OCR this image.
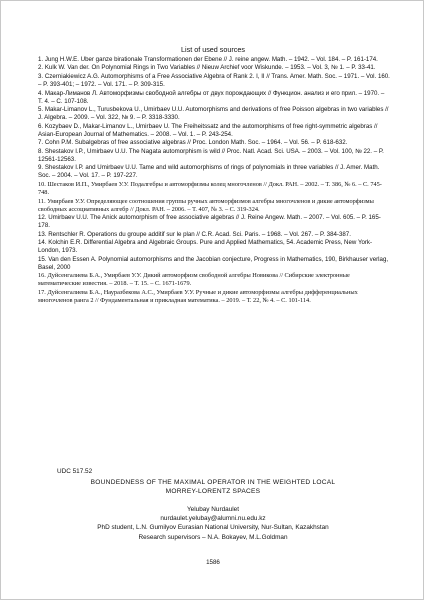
List of used sources
1. Jung H.W.E. Uber ganze birationale Transformationen der Ebene // J. reine angew. Math. – 1942. – Vol. 184. – P. 161-174.
2. Kulk W. Van der. On Polynomial Rings in Two Variables // Nieuw Archief voor Wiskunde. – 1953. – Vol. 3, № 1. – P. 33-41.
3. Czerniakiewicz A.G. Automorphisms of a Free Associative Algebra of Rank 2. I, II // Trans. Amer. Math. Soc. – 1971. – Vol. 160. – P. 393-401; – 1972. – Vol. 171. – P. 309-315.
4. Макар-Лиманов Л. Автоморфизмы свободной алгебры от двух порождающих // Функцион. анализ и его прил. – 1970. – Т. 4. – С. 107-108.
5. Makar-Limanov L., Turusbekova U., Umirbaev U.U. Automorphisms and derivations of free Poisson algebras in two variables // J. Algebra. – 2009. – Vol. 322, № 9. – P. 3318-3330.
6. Kozybaev D., Makar-Limanov L., Umirbaev U. The Freiheitssatz and the automorphisms of free right-symmetric algebras // Asian-European Journal of Mathematics. – 2008. – Vol. 1. – P. 243-254.
7. Cohn P.M. Subalgebras of free associative algebras // Proc. London Math. Soc. – 1964. – Vol. 56. – P. 618-632.
8. Shestakov I.P., Umirbaev U.U. The Nagata automorphism is wild // Proc. Natl. Acad. Sci. USA. – 2003. – Vol. 100, № 22. – P. 12561-12563.
9. Shestakov I.P. and Umirbaev U.U. Tame and wild automorphisms of rings of polynomials in three variables // J. Amer. Math. Soc. – 2004. – Vol. 17. – P. 197-227.
10. Шестаков И.П., Умирбаев У.У. Подалгебры и автоморфизмы колец многочленов // Докл. РАН. – 2002. – Т. 386, № 6. – С. 745-748.
11. Умирбаев У.У. Определяющее соотношения группы ручных автоморфизмов алгебры многочленов и дикие автоморфизмы свободных ассоциативных алгебр // Докл. РАН. – 2006. – Т. 407, № 3. – С. 319-324.
12. Umirbaev U.U. The Anick automorphism of free associative algebras // J. Reine Angew. Math. – 2007. – Vol. 605. – P. 165-178.
13. Rentschler R. Operations du groupe additif sur le plan // C.R. Acad. Sci. Paris. – 1968. – Vol. 267. – P. 384-387.
14. Kolchin E.R. Differential Algebra and Algebraic Groups. Pure and Applied Mathematics, 54. Academic Press, New York-London, 1973.
15. Van den Essen A. Polynomial automorphisms and the Jacobian conjecture, Progress in Mathematics, 190, Birkhauser verlag, Basel, 2000
16. Дуйсенгалиева Б.А., Умирбаев У.У. Дикий автоморфизм свободной алгебры Новикова // Сибирские электронные математические известия. – 2018. – Т. 15. – С. 1671-1679.
17. Дуйсенгалиева Б.А., Науразбекова А.С., Умирбаев У.У. Ручные и дикие автоморфизмы алгебры дифференциальных многочленов ранга 2 // Фундаментальная и прикладная математика. – 2019. – Т. 22, № 4. – С. 101-114.
UDC 517.52
BOUNDEDNESS OF THE MAXIMAL OPERATOR IN THE WEIGHTED LOCAL
MORREY-LORENTZ SPACES
Yelubay Nurdaulet
nurdaulet.yelubay@alumni.nu.edu.kz
PhD student, L.N. Gumilyov Eurasian National University, Nur-Sultan, Kazakhstan
Research supervisors – N.A. Bokayev, M.L.Goldman
1586
